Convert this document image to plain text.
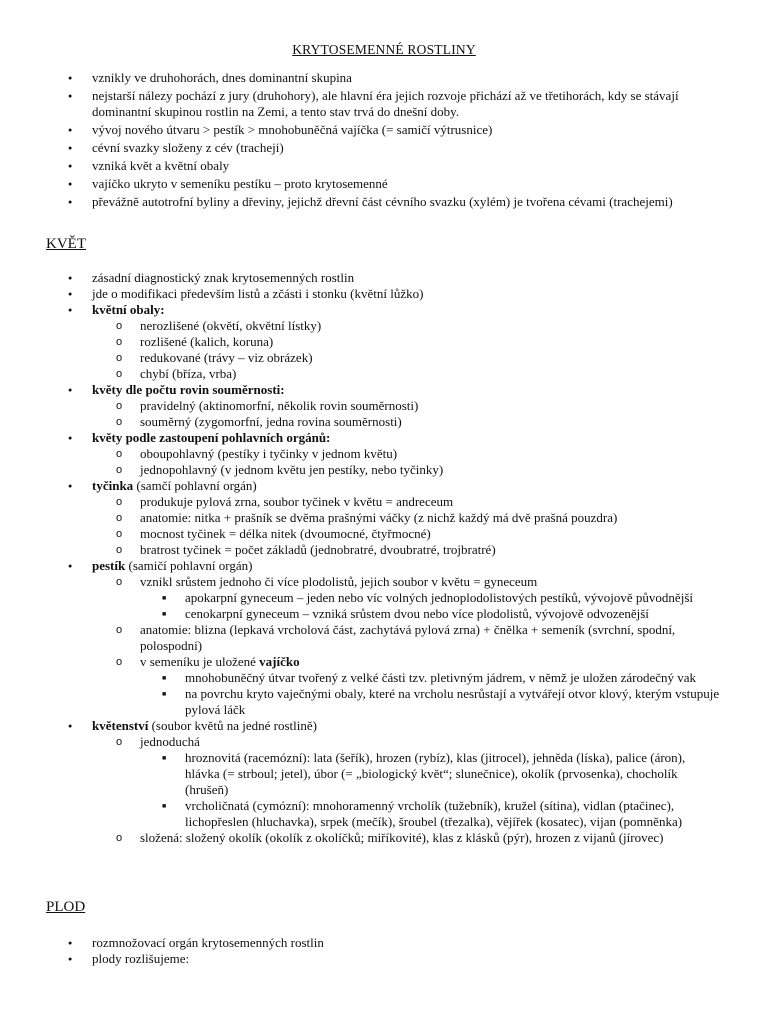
KRYTOSEMENNÉ ROSTLINY
● vznikly ve druhohorách, dnes dominantní skupina
● nejstarší nálezy pochází z jury (druhohory), ale hlavní éra jejich rozvoje přichází až ve třetihorách, kdy se stávají dominantní skupinou rostlin na Zemi, a tento stav trvá do dnešní doby.
● vývoj nového útvaru > pestík > mnohobuněčná vajíčka (= samičí výtrusnice)
● cévní svazky složeny z cév (tracheji)
● vzniká květ a květní obaly
● vajíčko ukryto v semeníku pestíku – proto krytosemenné
● převážně autotrofní byliny a dřeviny, jejichž dřevní část cévního svazku (xylém) je tvořena cévami (trachejemi)
KVĚT
● zásadní diagnostický znak krytosemenných rostlin
● jde o modifikaci především listů a zčásti i stonku (květní lůžko)
● květní obaly:
o nerozlišené (okvětí, okvětní lístky)
o rozlišené (kalich, koruna)
o redukované (trávy – viz obrázek)
o chybí (bříza, vrba)
● květy dle počtu rovin souměrnosti:
o pravidelný (aktinomorfní, několik rovin souměrnosti)
o souměrný (zygomorfní, jedna rovina souměrnosti)
● květy podle zastoupení pohlavních orgánů:
o oboupohlavný (pestíky i tyčinky v jednom květu)
o jednopohlavný (v jednom květu jen pestíky, nebo tyčinky)
● tyčinka (samčí pohlavní orgán)
o produkuje pylová zrna, soubor tyčinek v květu = andreceum
o anatomie: nitka + prašník se dvěma prašnými váčky (z nichž každý má dvě prašná pouzdra)
o mocnost tyčinek = délka nitek (dvoumocné, čtyřmocné)
o bratrost tyčinek = počet základů (jednobratré, dvoubratré, trojbratré)
● pestík (samičí pohlavní orgán)
o vznikl srůstem jednoho či více plodolistů, jejich soubor v květu = gyneceum
■ apokarpní gyneceum – jeden nebo víc volných jednoplodolistových pestíků, vývojově původnější
■ cenokarpní gyneceum – vzniká srůstem dvou nebo více plodolistů, vývojově odvozenější
o anatomie: blizna (lepkavá vrcholová část, zachytává pylová zrna) + čnělka + semeník (svrchní, spodní, polospodní)
o v semeníku je uložené vajíčko
■ mnohobuněčný útvar tvořený z velké části tzv. pletivným jádrem, v němž je uložen zárodečný vak
■ na povrchu kryto vaječnými obaly, které na vrcholu nesrůstají a vytvářejí otvor klový, kterým vstupuje pylová láčk
● květenství (soubor květů na jedné rostlině)
o jednoduchá
■ hroznovitá (racemózní): lata (šeřík), hrozen (rybíz), klas (jitrocel), jehněda (líska), palice (áron), hlávka (= strboul; jetel), úbor (= „biologický květ“; slunečnice), okolík (prvosenka), chocholík (hrušeň)
■ vrcholičnatá (cymózní): mnohoramenný vrcholík (tužebník), kružel (sítina), vidlan (ptačinec), lichopřeslen (hluchavka), srpek (mečík), šroubel (třezalka), vějířek (kosatec), vijan (pomněnka)
o složená: složený okolík (okolík z okolíčků; miříkovité), klas z klásků (pýr), hrozen z vijanů (jírovec)
PLOD
● rozmnožovací orgán krytosemenných rostlin
● plody rozlišujeme:
